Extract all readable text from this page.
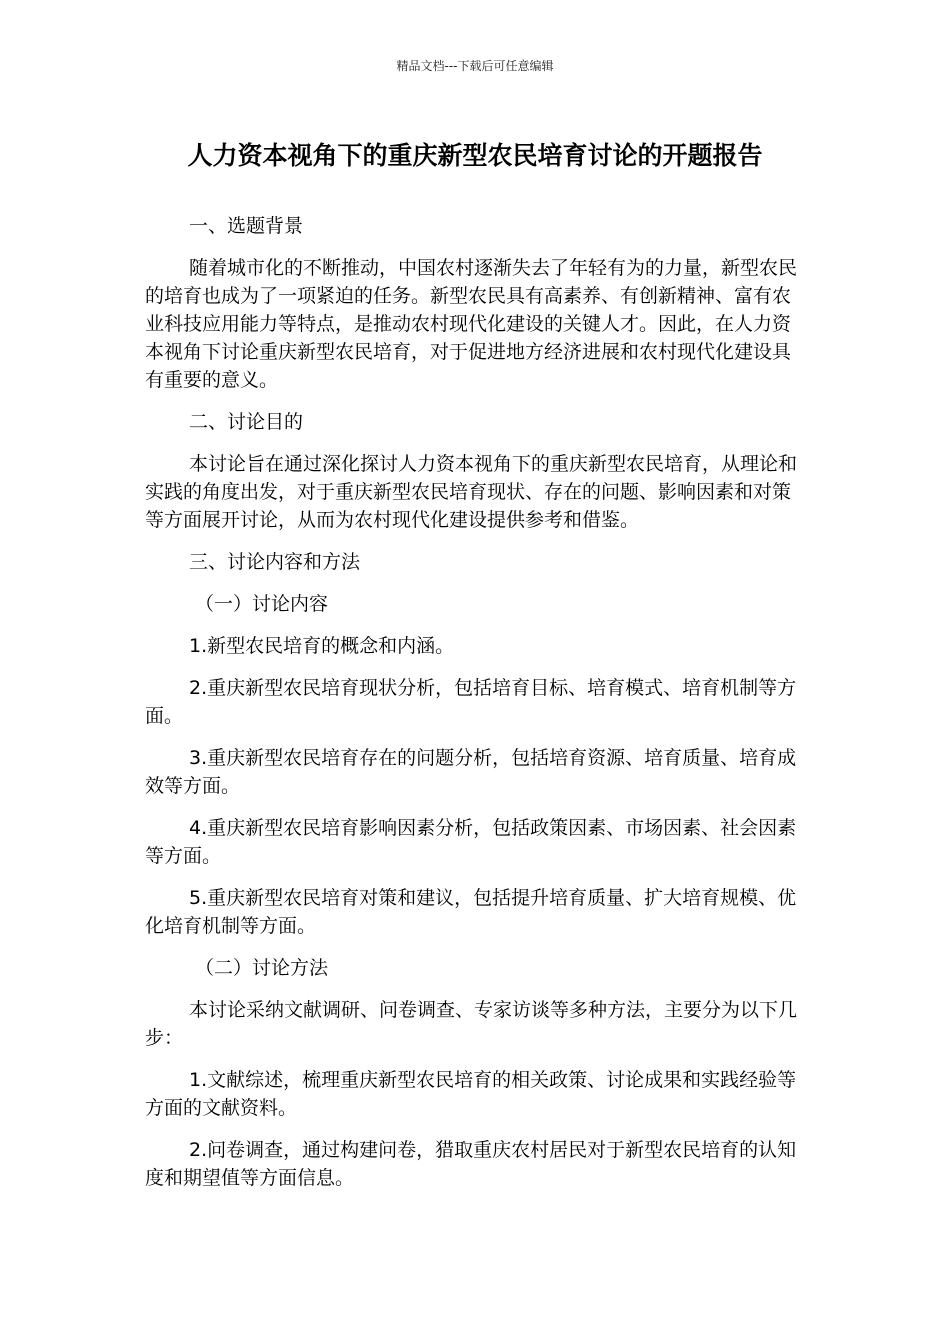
精品文档---下载后可任意编辑
人力资本视角下的重庆新型农民培育讨论的开题报告

一、选题背景

随着城市化的不断推动，中国农村逐渐失去了年轻有为的力量，新型农民的培育也成为了一项紧迫的任务。新型农民具有高素养、有创新精神、富有农业科技应用能力等特点，是推动农村现代化建设的关键人才。因此，在人力资本视角下讨论重庆新型农民培育，对于促进地方经济进展和农村现代化建设具有重要的意义。

二、讨论目的

本讨论旨在通过深化探讨人力资本视角下的重庆新型农民培育，从理论和实践的角度出发，对于重庆新型农民培育现状、存在的问题、影响因素和对策等方面展开讨论，从而为农村现代化建设提供参考和借鉴。

三、讨论内容和方法

（一）讨论内容

1.新型农民培育的概念和内涵。

2.重庆新型农民培育现状分析，包括培育目标、培育模式、培育机制等方面。

3.重庆新型农民培育存在的问题分析，包括培育资源、培育质量、培育成效等方面。

4.重庆新型农民培育影响因素分析，包括政策因素、市场因素、社会因素等方面。

5.重庆新型农民培育对策和建议，包括提升培育质量、扩大培育规模、优化培育机制等方面。

（二）讨论方法

本讨论采纳文献调研、问卷调查、专家访谈等多种方法，主要分为以下几步：

1.文献综述，梳理重庆新型农民培育的相关政策、讨论成果和实践经验等方面的文献资料。

2.问卷调查，通过构建问卷，猎取重庆农村居民对于新型农民培育的认知度和期望值等方面信息。
